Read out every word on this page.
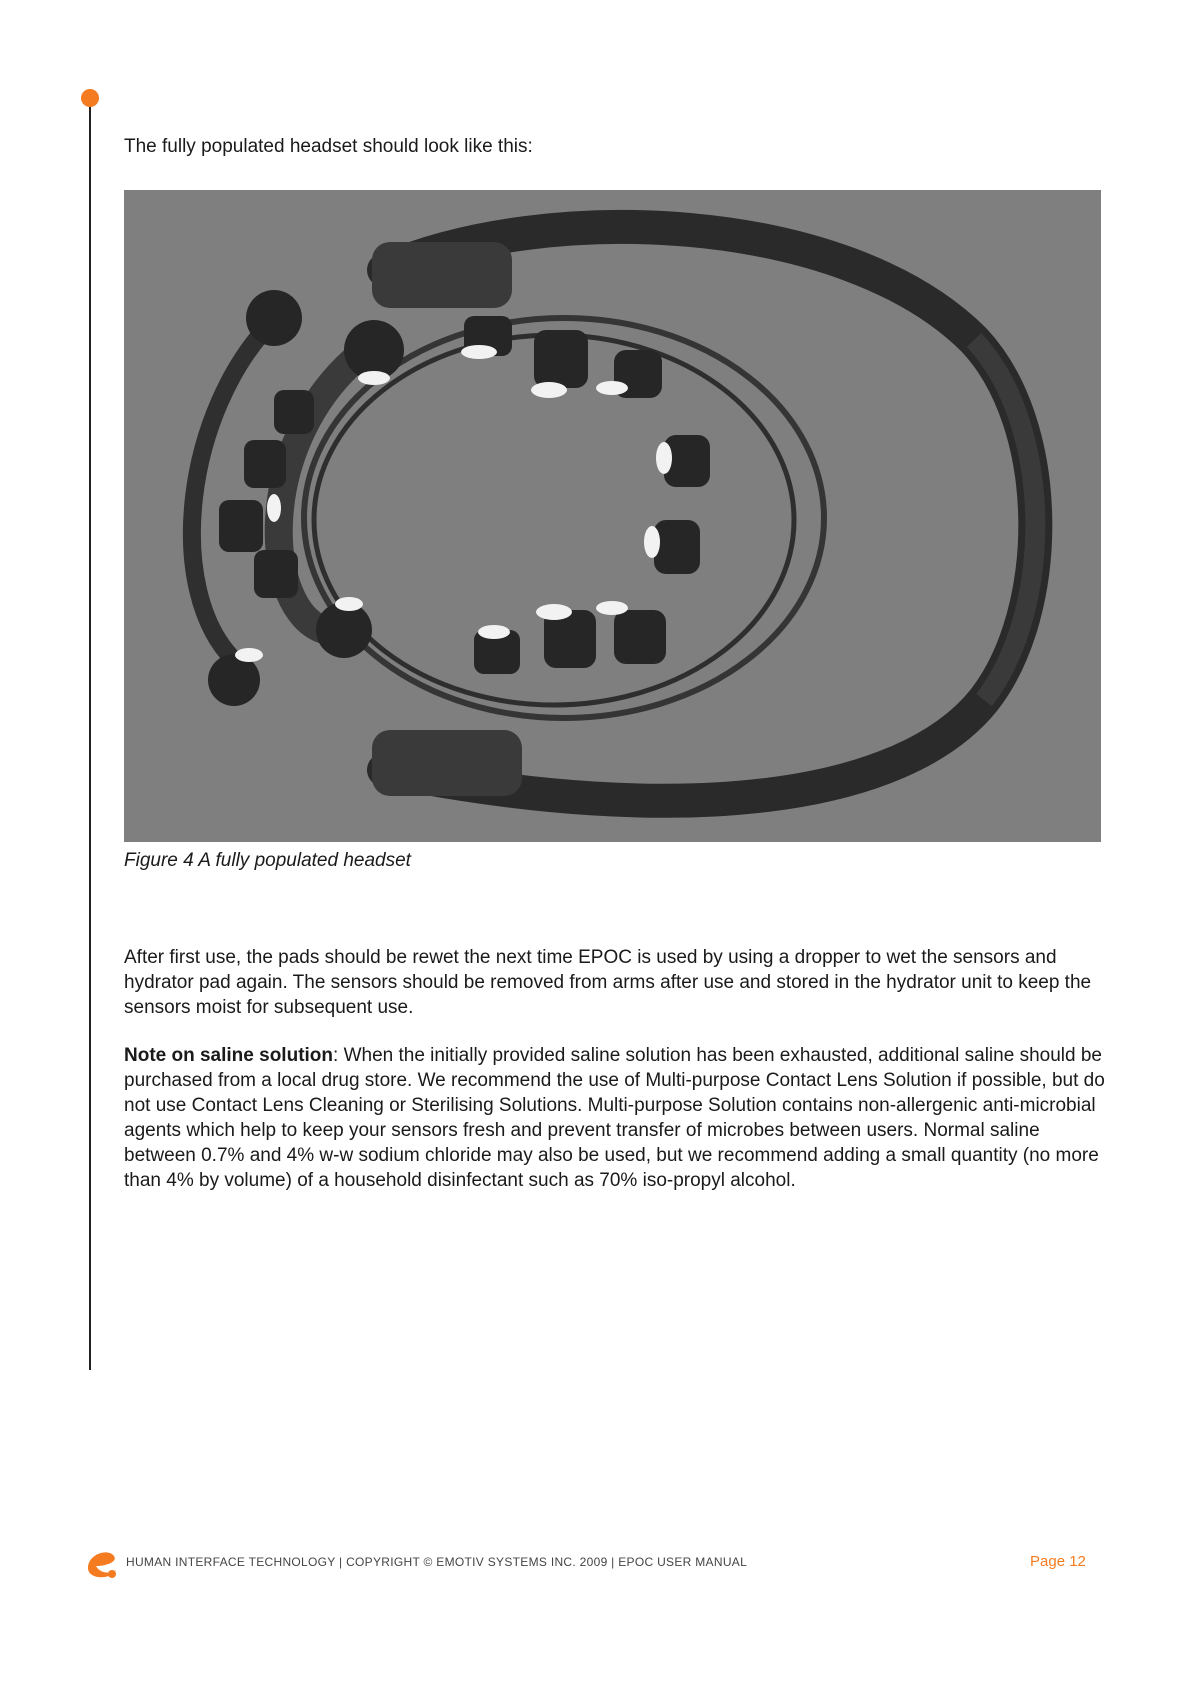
The fully populated headset should look like this:
Figure 4 A fully populated headset

After first use, the pads should be rewet the next time EPOC is used by using a dropper to wet the sensors and hydrator pad again. The sensors should be removed from arms after use and stored in the hydrator unit to keep the sensors moist for subsequent use.

Note on saline solution: When the initially provided saline solution has been exhausted, additional saline should be purchased from a local drug store. We recommend the use of Multi-purpose Contact Lens Solution if possible, but do not use Contact Lens Cleaning or Sterilising Solutions. Multi-purpose Solution contains non-allergenic anti-microbial agents which help to keep your sensors fresh and prevent transfer of microbes between users. Normal saline between 0.7% and 4% w-w sodium chloride may also be used, but we recommend adding a small quantity (no more than 4% by volume) of a household disinfectant such as 70% iso-propyl alcohol.

HUMAN INTERFACE TECHNOLOGY | COPYRIGHT © EMOTIV SYSTEMS INC. 2009 | EPOC USER MANUAL	Page 12
